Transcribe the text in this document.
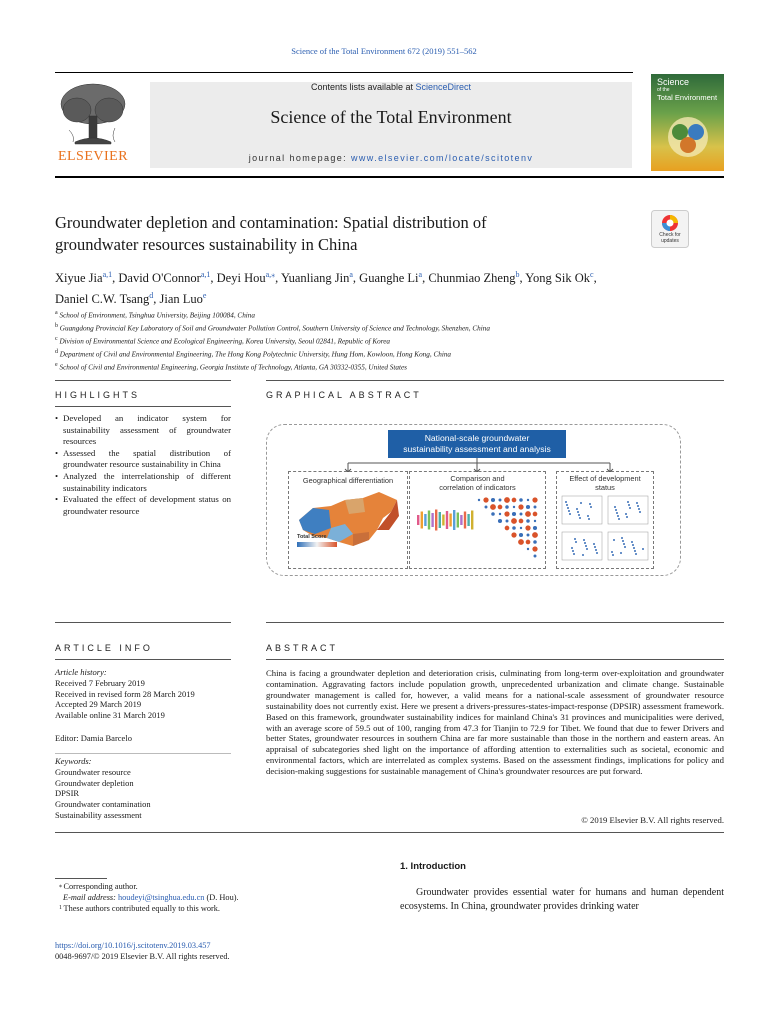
Science of the Total Environment 672 (2019) 551–562
ELSEVIER
Contents lists available at ScienceDirect
Science of the Total Environment
journal homepage: www.elsevier.com/locate/scitotenv
Science
of the
Total Environment
Groundwater depletion and contamination: Spatial distribution of
groundwater resources sustainability in China	Check for
updates
Xiyue Jia$^{a,1}$, David O'Connor$^{a,1}$, Deyi Hou$^{a,⁎}$, Yuanliang Jin$^a$, Guanghe Li$^a$, Chunmiao Zheng$^b$, Yong Sik Ok$^c$,
Daniel C.W. Tsang$^d$, Jian Luo$^e$
$^a$ School of Environment, Tsinghua University, Beijing 100084, China
$^b$ Guangdong Provincial Key Laboratory of Soil and Groundwater Pollution Control, Southern University of Science and Technology, Shenzhen, China
$^c$ Division of Environmental Science and Ecological Engineering, Korea University, Seoul 02841, Republic of Korea
$^d$ Department of Civil and Environmental Engineering, The Hong Kong Polytechnic University, Hung Hom, Kowloon, Hong Kong, China
$^e$ School of Civil and Environmental Engineering, Georgia Institute of Technology, Atlanta, GA 30332-0355, United States
HIGHLIGHTS	GRAPHICAL ABSTRACT
• Developed an indicator system for sustainability assessment of groundwater resources
• Assessed the spatial distribution of groundwater resource sustainability in China
• Analyzed the interrelationship of different sustainability indicators
• Evaluated the effect of development status on groundwater resource
National-scale groundwater
sustainability assessment and analysis
Geographical differentiation
Total Score
Comparison and
correlation of indicators
Effect of development
status
ARTICLE INFO
Article history:
Received 7 February 2019
Received in revised form 28 March 2019
Accepted 29 March 2019
Available online 31 March 2019
Editor: Damia Barcelo
Keywords:
Groundwater resource
Groundwater depletion
DPSIR
Groundwater contamination
Sustainability assessment
ABSTRACT
China is facing a groundwater depletion and deterioration crisis, culminating from long-term over-exploitation and groundwater contamination. Aggravating factors include population growth, unprecedented urbanization and climate change. Sustainable groundwater management is called for, however, a valid means for a national-scale assessment of groundwater resource sustainability does not currently exist. Here we present a drivers-pressures-states-impact-response (DPSIR) assessment framework. Based on this framework, groundwater sustainability indices for mainland China's 31 provinces and municipalities were derived, with an average score of 59.5 out of 100, ranging from 47.3 for Tianjin to 72.9 for Tibet. We found that due to fewer Drivers and better States, groundwater resources in southern China are far more sustainable than those in the northern and eastern areas. An appraisal of subcategories shed light on the importance of affording attention to externalities such as societal, economic and environmental factors, which are interrelated as complex systems. Based on the assessment findings, implications for policy and decision-making suggestions for sustainable management of China's groundwater resources are put forward.
© 2019 Elsevier B.V. All rights reserved.
1. Introduction
Groundwater provides essential water for humans and human dependent ecosystems. In China, groundwater provides drinking water
⁎ Corresponding author.
E-mail address: houdeyi@tsinghua.edu.cn (D. Hou).
$^1$ These authors contributed equally to this work.
https://doi.org/10.1016/j.scitotenv.2019.03.457
0048-9697/© 2019 Elsevier B.V. All rights reserved.
